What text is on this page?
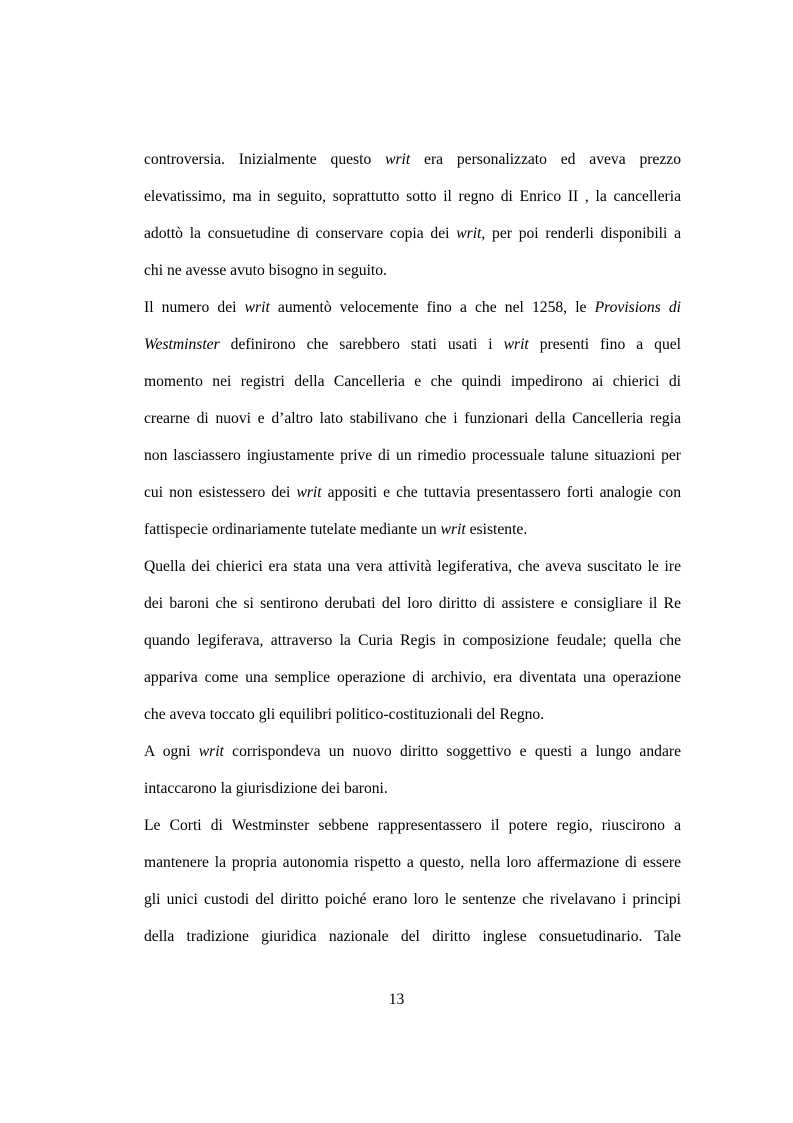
controversia. Inizialmente questo writ era personalizzato ed aveva prezzo
elevatissimo, ma in seguito, soprattutto sotto il regno di Enrico II , la cancelleria
adottò la consuetudine di conservare copia dei writ, per poi renderli disponibili a
chi ne avesse avuto bisogno in seguito.
Il numero dei writ aumentò velocemente fino a che nel 1258, le Provisions di
Westminster definirono che sarebbero stati usati i writ presenti fino a quel
momento nei registri della Cancelleria e che quindi impedirono ai chierici di
crearne di nuovi e d’altro lato stabilivano che i funzionari della Cancelleria regia
non lasciassero ingiustamente prive di un rimedio processuale talune situazioni per
cui non esistessero dei writ appositi e che tuttavia presentassero forti analogie con
fattispecie ordinariamente tutelate mediante un writ esistente.
Quella dei chierici era stata una vera attività legiferativa, che aveva suscitato le ire
dei baroni che si sentirono derubati del loro diritto di assistere e consigliare il Re
quando legiferava, attraverso la Curia Regis in composizione feudale; quella che
appariva come una semplice operazione di archivio, era diventata una operazione
che aveva toccato gli equilibri politico-costituzionali del Regno.
A ogni writ corrispondeva un nuovo diritto soggettivo e questi a lungo andare
intaccarono la giurisdizione dei baroni.
Le Corti di Westminster sebbene rappresentassero il potere regio, riuscirono a
mantenere la propria autonomia rispetto a questo, nella loro affermazione di essere
gli unici custodi del diritto poiché erano loro le sentenze che rivelavano i principi
della tradizione giuridica nazionale del diritto inglese consuetudinario. Tale
13
